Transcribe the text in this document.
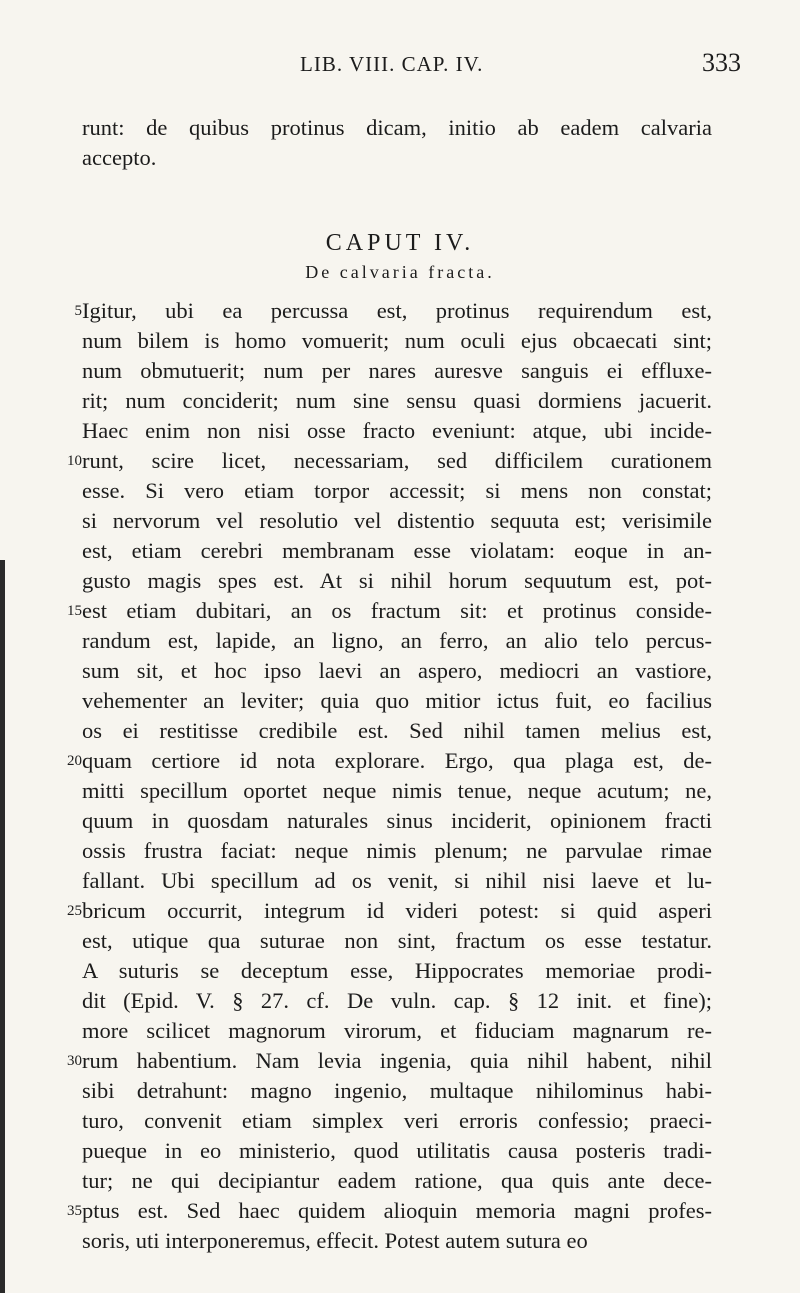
LIB. VIII. CAP. IV.	333
runt: de quibus protinus dicam, initio ab eadem calvaria
accepto.
CAPUT IV.
De calvaria fracta.
5 Igitur, ubi ea percussa est, protinus requirendum est,
num bilem is homo vomuerit; num oculi ejus obcaecati sint;
num obmutuerit; num per nares auresve sanguis ei effluxe-
rit; num conciderit; num sine sensu quasi dormiens jacuerit.
Haec enim non nisi osse fracto eveniunt: atque, ubi incide-
10 runt, scire licet, necessariam, sed difficilem curationem
esse. Si vero etiam torpor accessit; si mens non constat;
si nervorum vel resolutio vel distentio sequuta est; verisimile
est, etiam cerebri membranam esse violatam: eoque in an-
gusto magis spes est. At si nihil horum sequutum est, pot-
15 est etiam dubitari, an os fractum sit: et protinus conside-
randum est, lapide, an ligno, an ferro, an alio telo percus-
sum sit, et hoc ipso laevi an aspero, mediocri an vastiore,
vehementer an leviter; quia quo mitior ictus fuit, eo facilius
os ei restitisse credibile est. Sed nihil tamen melius est,
20 quam certiore id nota explorare. Ergo, qua plaga est, de-
mitti specillum oportet neque nimis tenue, neque acutum; ne,
quum in quosdam naturales sinus inciderit, opinionem fracti
ossis frustra faciat: neque nimis plenum; ne parvulae rimae
fallant. Ubi specillum ad os venit, si nihil nisi laeve et lu-
25 bricum occurrit, integrum id videri potest: si quid asperi
est, utique qua suturae non sint, fractum os esse testatur.
A suturis se deceptum esse, Hippocrates memoriae prodi-
dit (Epid. V. § 27. cf. De vuln. cap. § 12 init. et fine);
more scilicet magnorum virorum, et fiduciam magnarum re-
30 rum habentium. Nam levia ingenia, quia nihil habent, nihil
sibi detrahunt: magno ingenio, multaque nihilominus habi-
turo, convenit etiam simplex veri erroris confessio; praeci-
pueque in eo ministerio, quod utilitatis causa posteris tradi-
tur; ne qui decipiantur eadem ratione, qua quis ante dece-
35 ptus est. Sed haec quidem alioquin memoria magni profes-
soris, uti interponeremus, effecit. Potest autem sutura eo
